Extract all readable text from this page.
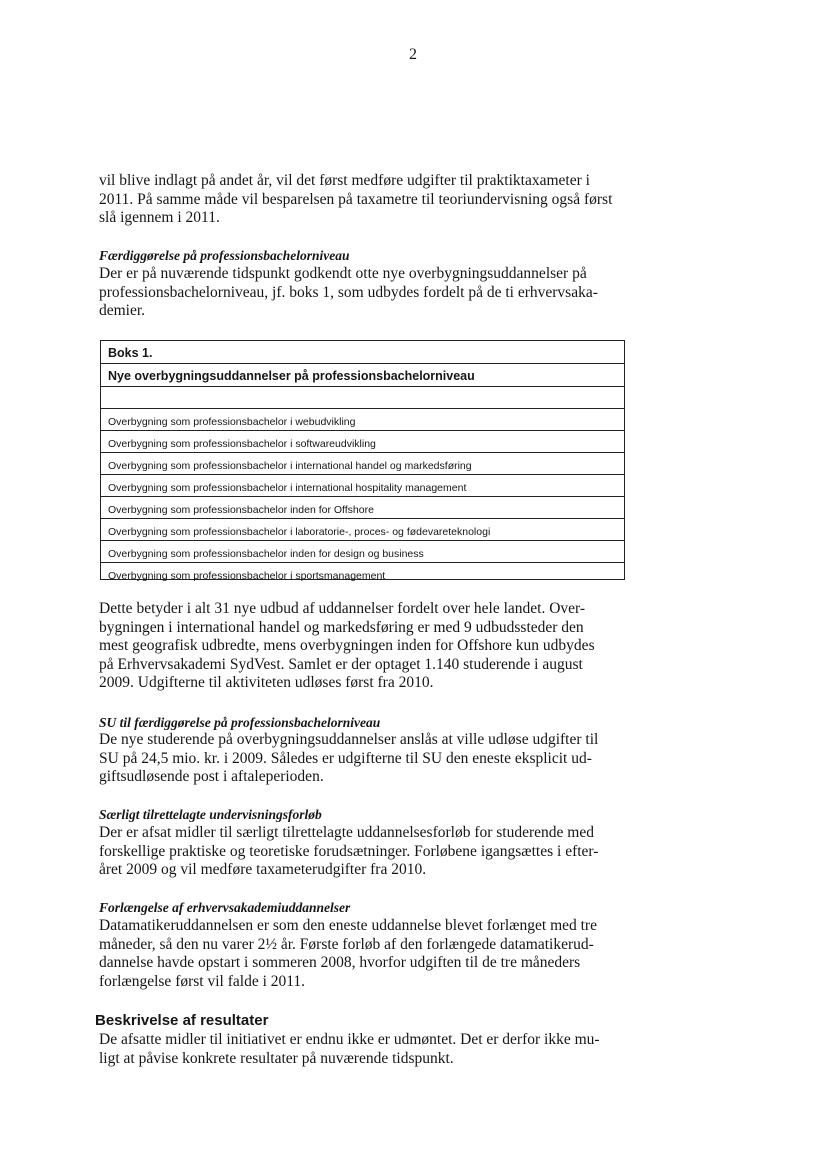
2

vil blive indlagt på andet år, vil det først medføre udgifter til praktiktaxameter i
2011. På samme måde vil besparelsen på taxametre til teoriundervisning også først
slå igennem i 2011.

Færdiggørelse på professionsbachelorniveau

Der er på nuværende tidspunkt godkendt otte nye overbygningsuddannelser på
professionsbachelorniveau, jf. boks 1, som udbydes fordelt på de ti erhvervsaka-
demier.

Boks 1.
Nye overbygningsuddannelser på professionsbachelorniveau
Overbygning som professionsbachelor i webudvikling
Overbygning som professionsbachelor i softwareudvikling
Overbygning som professionsbachelor i international handel og markedsføring
Overbygning som professionsbachelor i international hospitality management
Overbygning som professionsbachelor inden for Offshore
Overbygning som professionsbachelor i laboratorie-, proces- og fødevareteknologi
Overbygning som professionsbachelor inden for design og business
Overbygning som professionsbachelor i sportsmanagement

Dette betyder i alt 31 nye udbud af uddannelser fordelt over hele landet. Over-
bygningen i international handel og markedsføring er med 9 udbudssteder den
mest geografisk udbredte, mens overbygningen inden for Offshore kun udbydes
på Erhvervsakademi SydVest. Samlet er der optaget 1.140 studerende i august
2009. Udgifterne til aktiviteten udløses først fra 2010.

SU til færdiggørelse på professionsbachelorniveau

De nye studerende på overbygningsuddannelser anslås at ville udløse udgifter til
SU på 24,5 mio. kr. i 2009. Således er udgifterne til SU den eneste eksplicit ud-
giftsudløsende post i aftaleperioden.

Særligt tilrettelagte undervisningsforløb

Der er afsat midler til særligt tilrettelagte uddannelsesforløb for studerende med
forskellige praktiske og teoretiske forudsætninger. Forløbene igangsættes i efter-
året 2009 og vil medføre taxameterudgifter fra 2010.

Forlængelse af erhvervsakademiuddannelser

Datamatikeruddannelsen er som den eneste uddannelse blevet forlænget med tre
måneder, så den nu varer 2½ år. Første forløb af den forlængede datamatikerud-
dannelse havde opstart i sommeren 2008, hvorfor udgiften til de tre måneders
forlængelse først vil falde i 2011.

Beskrivelse af resultater

De afsatte midler til initiativet er endnu ikke er udmøntet. Det er derfor ikke mu-
ligt at påvise konkrete resultater på nuværende tidspunkt.
